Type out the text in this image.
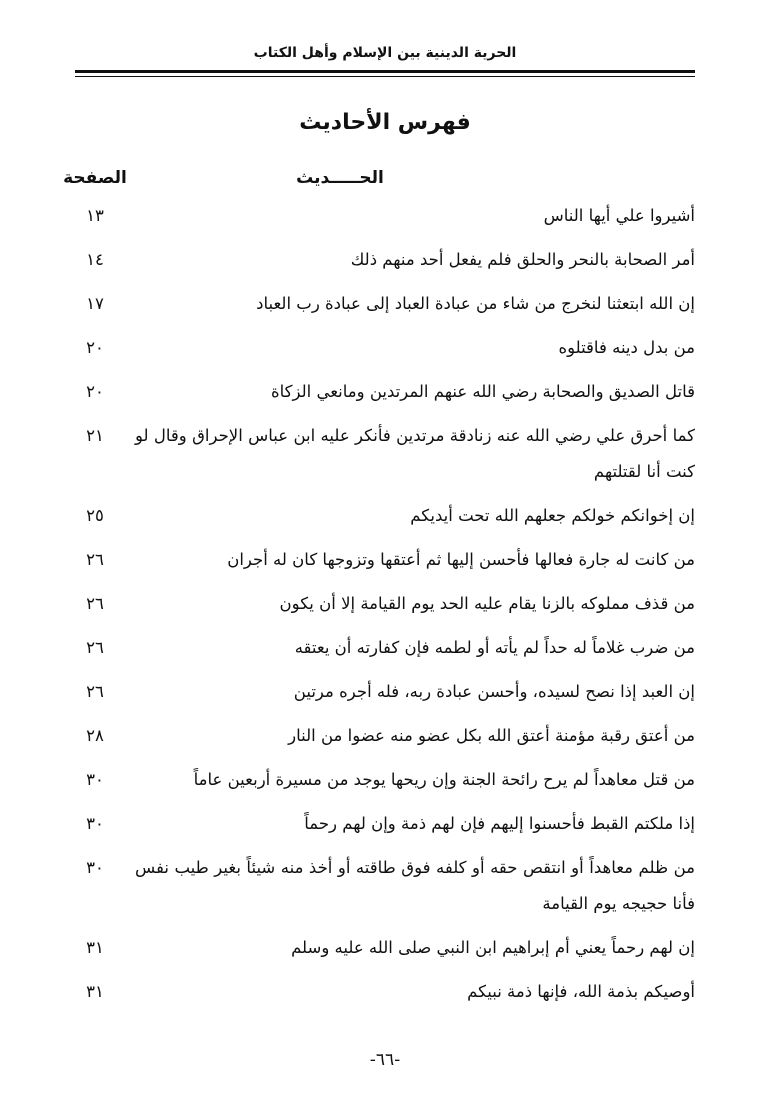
الحرية الدينية بين الإسلام وأهل الكتاب
فهرس الأحاديث
الحـــــديث
الصفحة
أشيروا علي أيها الناس
١٣
أمر الصحابة بالنحر والحلق فلم يفعل أحد منهم ذلك
١٤
إن الله ابتعثنا لنخرج من شاء من عبادة العباد إلى عبادة رب العباد
١٧
من بدل دينه فاقتلوه
٢٠
قاتل الصديق والصحابة رضي الله عنهم المرتدين ومانعي الزكاة
٢٠
كما أحرق علي رضي الله عنه زنادقة مرتدين فأنكر عليه ابن عباس الإحراق وقال لو كنت أنا لقتلتهم
٢١
إن إخوانكم خولكم جعلهم الله تحت أيديكم
٢٥
من كانت له جارة فعالها فأحسن إليها ثم أعتقها وتزوجها كان له أجران
٢٦
من قذف مملوكه بالزنا يقام عليه الحد يوم القيامة إلا أن يكون
٢٦
من ضرب غلاماً له حداً لم يأته أو لطمه فإن كفارته أن يعتقه
٢٦
إن العبد إذا نصح لسيده، وأحسن عبادة ربه، فله أجره مرتين
٢٦
من أعتق رقبة مؤمنة أعتق الله بكل عضو منه عضوا من النار
٢٨
من قتل معاهداً لم يرح رائحة الجنة وإن ريحها يوجد من مسيرة أربعين عاماً
٣٠
إذا ملكتم القبط فأحسنوا إليهم فإن لهم ذمة وإن لهم رحماً
٣٠
من ظلم معاهداً أو انتقص حقه أو كلفه فوق طاقته أو أخذ منه شيئاً بغير طيب نفس فأنا حجيجه يوم القيامة
٣٠
إن لهم رحماً يعني أم إبراهيم ابن النبي صلى الله عليه وسلم
٣١
أوصيكم بذمة الله، فإنها ذمة نبيكم
٣١
-٦٦-
